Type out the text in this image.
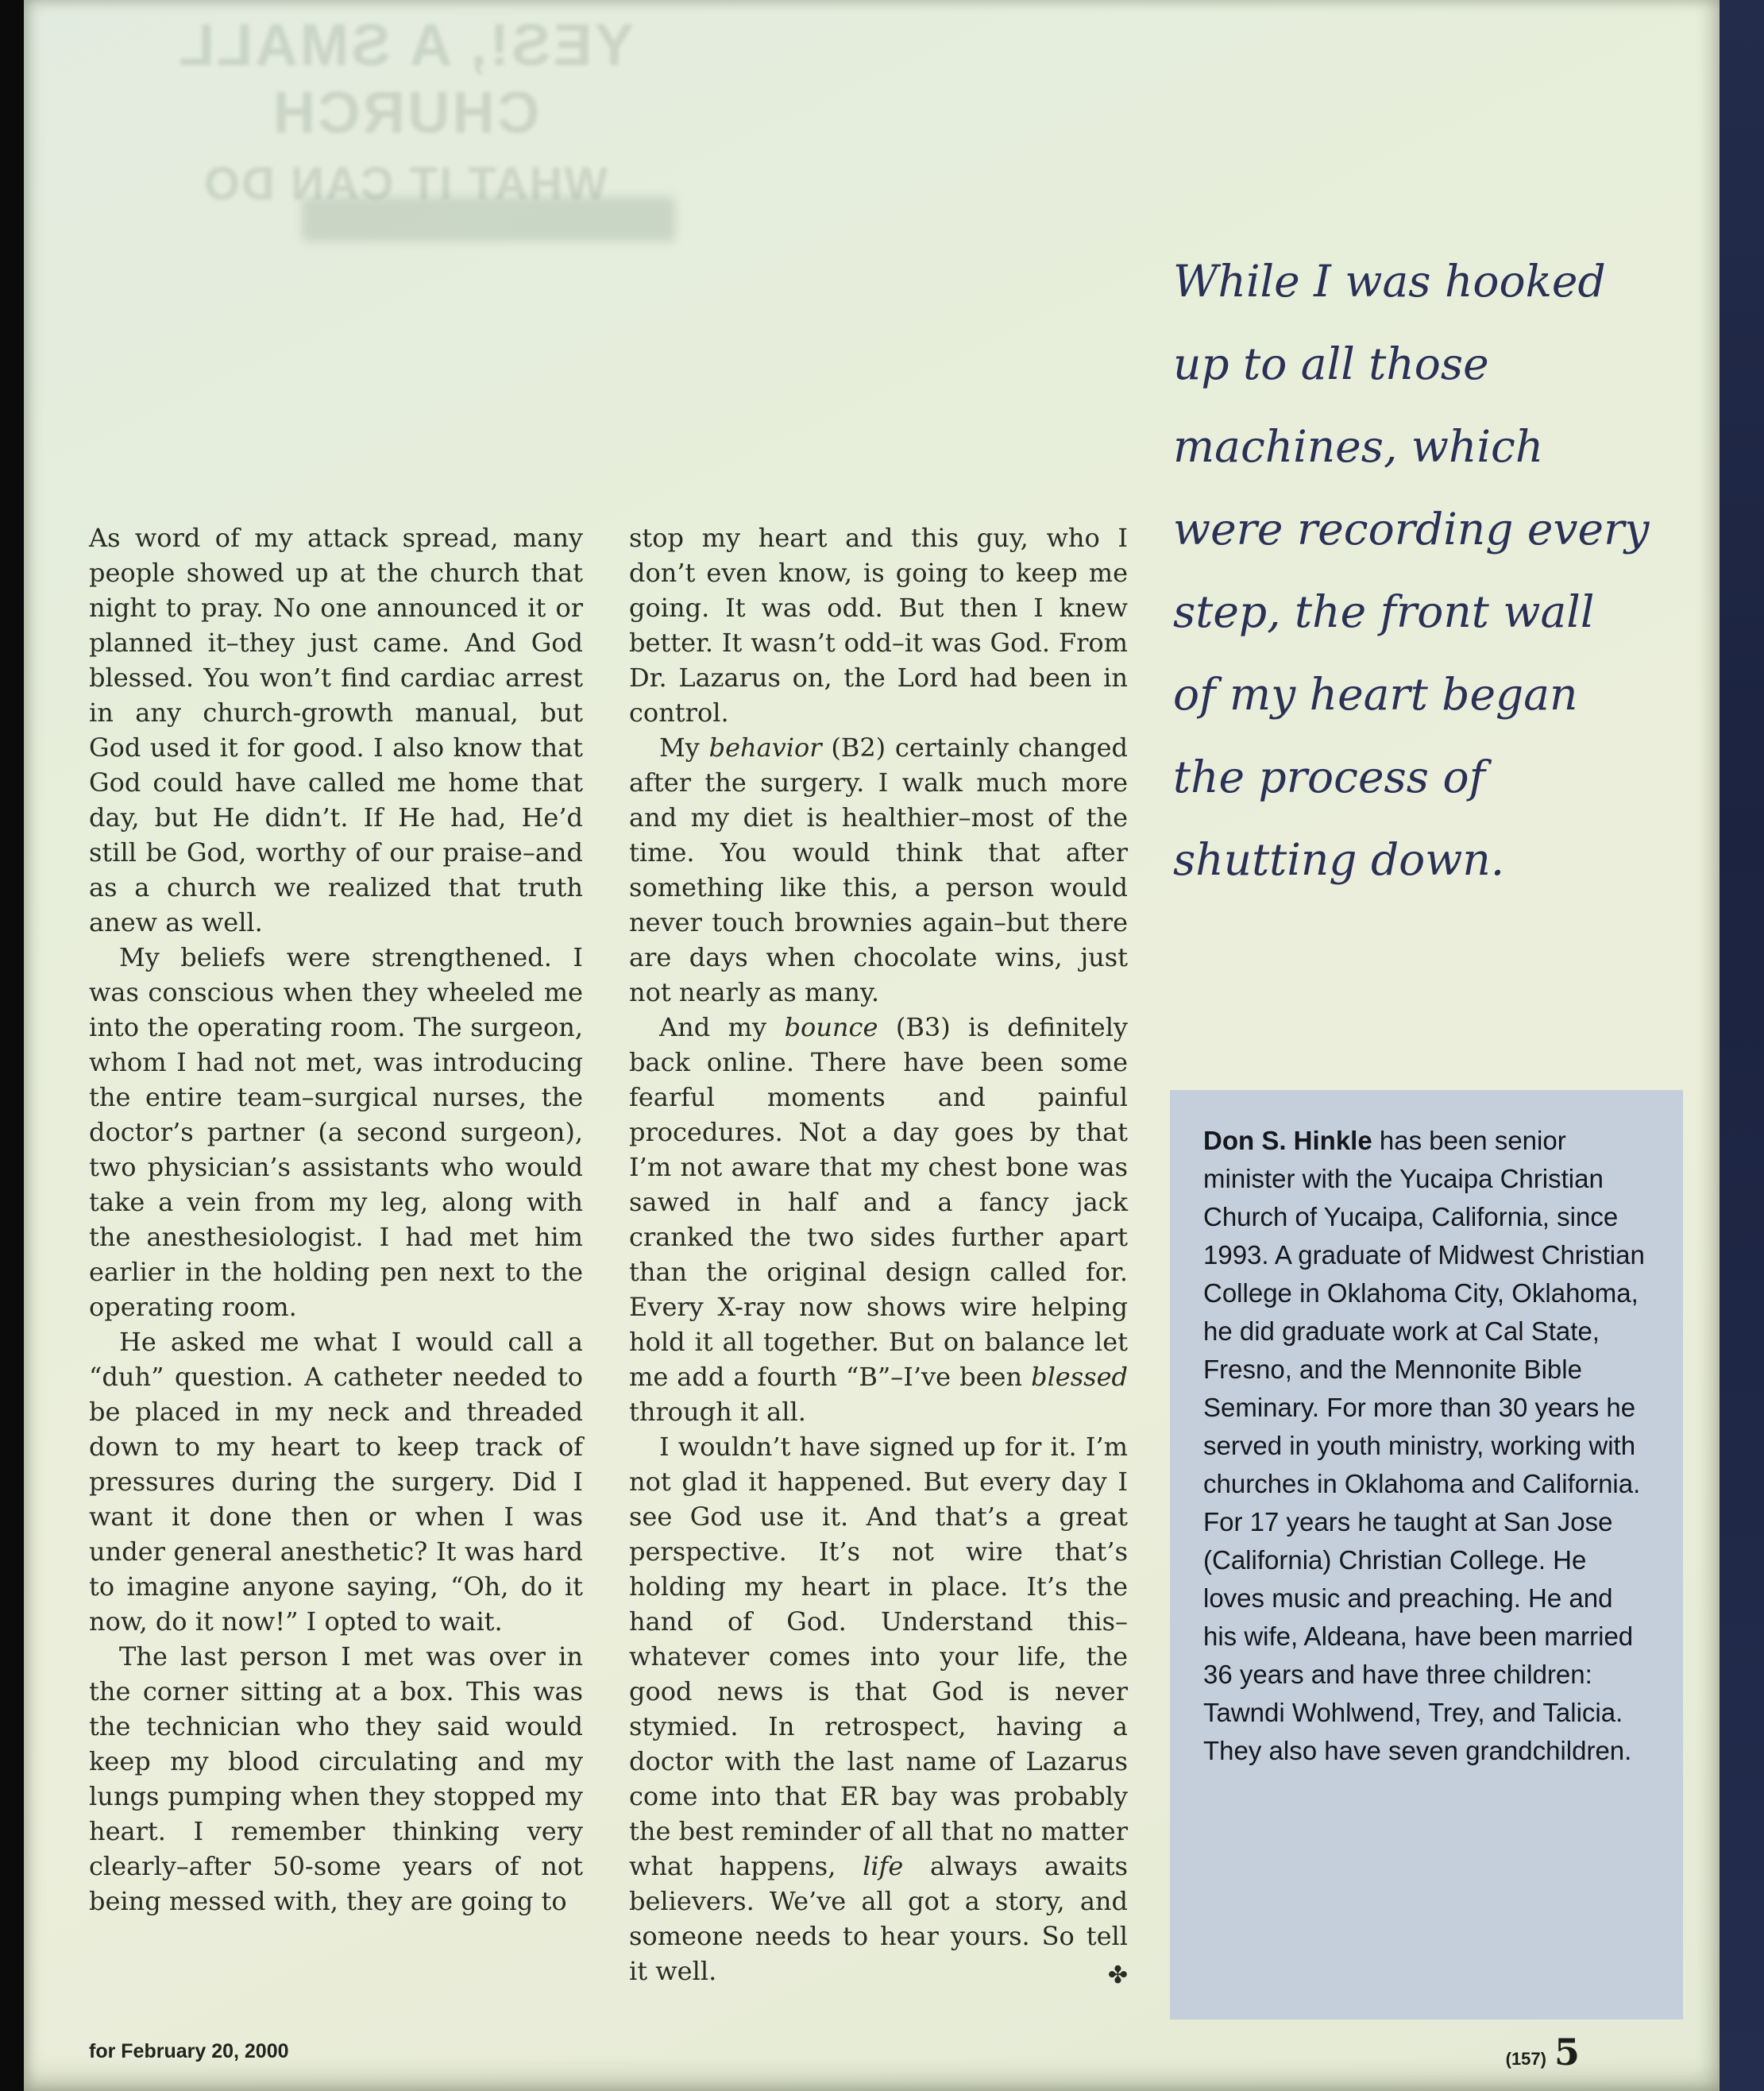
YES!, A SMALL CHURCH
WHAT IT CAN DO

As word of my attack spread, many people showed up at the church that night to pray. No one announced it or planned it–they just came. And God blessed. You won’t find cardiac arrest in any church-growth manual, but God used it for good. I also know that God could have called me home that day, but He didn’t. If He had, He’d still be God, worthy of our praise–and as a church we realized that truth anew as well.

My beliefs were strengthened. I was conscious when they wheeled me into the operating room. The surgeon, whom I had not met, was introducing the entire team–surgical nurses, the doctor’s partner (a second surgeon), two physician’s assistants who would take a vein from my leg, along with the anesthesiologist. I had met him earlier in the holding pen next to the operating room.

He asked me what I would call a “duh” question. A catheter needed to be placed in my neck and threaded down to my heart to keep track of pressures during the surgery. Did I want it done then or when I was under general anesthetic? It was hard to imagine anyone saying, “Oh, do it now, do it now!” I opted to wait.

The last person I met was over in the corner sitting at a box. This was the technician who they said would keep my blood circulating and my lungs pumping when they stopped my heart. I remember thinking very clearly–after 50-some years of not being messed with, they are going to

stop my heart and this guy, who I don’t even know, is going to keep me going. It was odd. But then I knew better. It wasn’t odd–it was God. From Dr. Lazarus on, the Lord had been in control.

My behavior (B2) certainly changed after the surgery. I walk much more and my diet is healthier–most of the time. You would think that after something like this, a person would never touch brownies again–but there are days when chocolate wins, just not nearly as many.

And my bounce (B3) is definitely back online. There have been some fearful moments and painful procedures. Not a day goes by that I’m not aware that my chest bone was sawed in half and a fancy jack cranked the two sides further apart than the original design called for. Every X-ray now shows wire helping hold it all together. But on balance let me add a fourth “B”–I’ve been blessed through it all.

I wouldn’t have signed up for it. I’m not glad it happened. But every day I see God use it. And that’s a great perspective. It’s not wire that’s holding my heart in place. It’s the hand of God. Understand this–whatever comes into your life, the good news is that God is never stymied. In retrospect, having a doctor with the last name of Lazarus come into that ER bay was probably the best reminder of all that no matter what happens, life always awaits believers. We’ve all got a story, and someone needs to hear yours. So tell it well.	✤

While I was hooked
up to all those
machines, which
were recording every
step, the front wall
of my heart began
the process of
shutting down.

Don S. Hinkle has been senior minister with the Yucaipa Christian Church of Yucaipa, California, since 1993. A graduate of Midwest Christian College in Oklahoma City, Oklahoma, he did graduate work at Cal State, Fresno, and the Mennonite Bible Seminary. For more than 30 years he served in youth ministry, working with churches in Oklahoma and California. For 17 years he taught at San Jose (California) Christian College. He loves music and preaching. He and his wife, Aldeana, have been married 36 years and have three children: Tawndi Wohlwend, Trey, and Talicia. They also have seven grandchildren.

for February 20, 2000	(157) 5
